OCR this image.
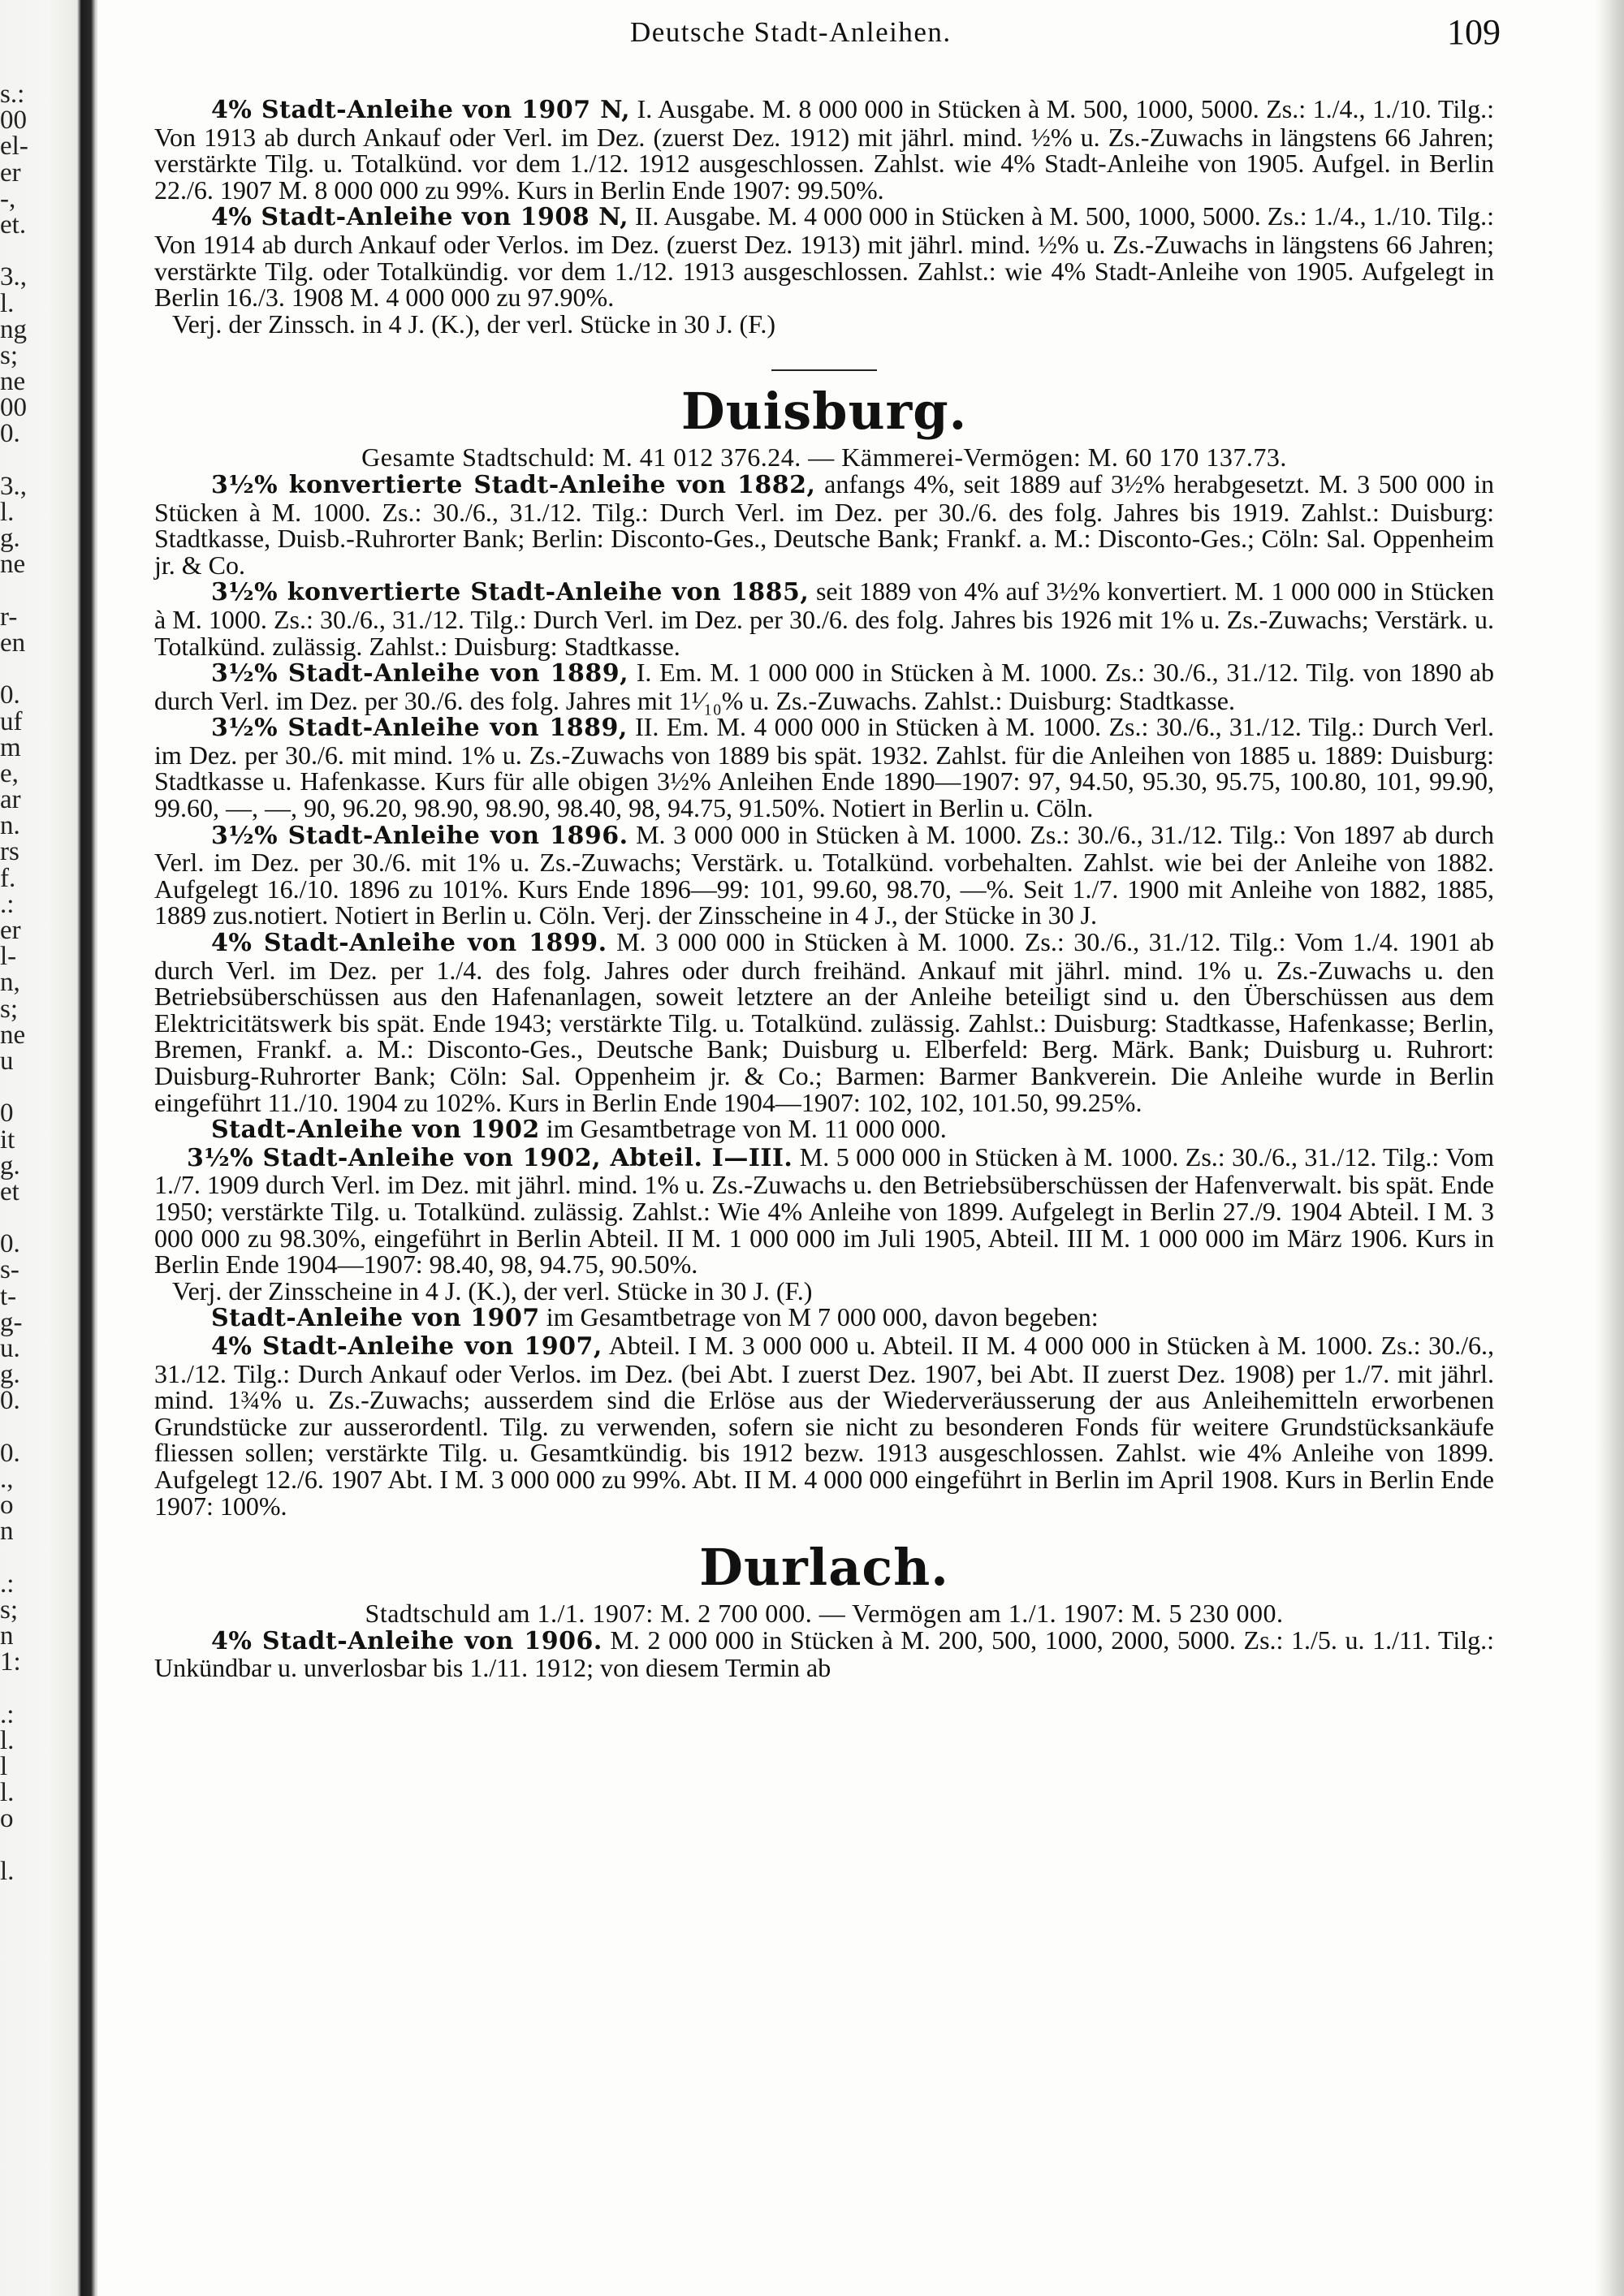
s.:
00
el-
er
-,
et.
3.,
l.
ng
s;
ne
00
0.
3.,
l.
g.
ne
r-
en
0.
uf
m
e,
ar
n.
rs
f.
.:
er
l-
n,
s;
ne
u
0
it
g.
et
0.
s-
t-
g-
u.
g.
0.
0.
.,
o
n
.:
s;
n
1:
.:
l.
l
l.
o
l.
Deutsche Stadt-Anleihen.	109

4% Stadt-Anleihe von 1907 N, I. Ausgabe. M. 8 000 000 in Stücken à M. 500, 1000, 5000. Zs.: 1./4., 1./10. Tilg.: Von 1913 ab durch Ankauf oder Verl. im Dez. (zuerst Dez. 1912) mit jährl. mind. ½% u. Zs.-Zuwachs in längstens 66 Jahren; verstärkte Tilg. u. Totalkünd. vor dem 1./12. 1912 ausgeschlossen. Zahlst. wie 4% Stadt-Anleihe von 1905. Aufgel. in Berlin 22./6. 1907 M. 8 000 000 zu 99%. Kurs in Berlin Ende 1907: 99.50%.

4% Stadt-Anleihe von 1908 N, II. Ausgabe. M. 4 000 000 in Stücken à M. 500, 1000, 5000. Zs.: 1./4., 1./10. Tilg.: Von 1914 ab durch Ankauf oder Verlos. im Dez. (zuerst Dez. 1913) mit jährl. mind. ½% u. Zs.-Zuwachs in längstens 66 Jahren; verstärkte Tilg. oder Totalkündig. vor dem 1./12. 1913 ausgeschlossen. Zahlst.: wie 4% Stadt-Anleihe von 1905. Aufgelegt in Berlin 16./3. 1908 M. 4 000 000 zu 97.90%.

Verj. der Zinssch. in 4 J. (K.), der verl. Stücke in 30 J. (F.)

Duisburg.

Gesamte Stadtschuld: M. 41 012 376.24. — Kämmerei-Vermögen: M. 60 170 137.73.

3½% konvertierte Stadt-Anleihe von 1882, anfangs 4%, seit 1889 auf 3½% herabgesetzt. M. 3 500 000 in Stücken à M. 1000. Zs.: 30./6., 31./12. Tilg.: Durch Verl. im Dez. per 30./6. des folg. Jahres bis 1919. Zahlst.: Duisburg: Stadtkasse, Duisb.-Ruhrorter Bank; Berlin: Disconto-Ges., Deutsche Bank; Frankf. a. M.: Disconto-Ges.; Cöln: Sal. Oppenheim jr. & Co.

3½% konvertierte Stadt-Anleihe von 1885, seit 1889 von 4% auf 3½% konvertiert. M. 1 000 000 in Stücken à M. 1000. Zs.: 30./6., 31./12. Tilg.: Durch Verl. im Dez. per 30./6. des folg. Jahres bis 1926 mit 1% u. Zs.-Zuwachs; Verstärk. u. Totalkünd. zulässig. Zahlst.: Duisburg: Stadtkasse.

3½% Stadt-Anleihe von 1889, I. Em. M. 1 000 000 in Stücken à M. 1000. Zs.: 30./6., 31./12. Tilg. von 1890 ab durch Verl. im Dez. per 30./6. des folg. Jahres mit 1¹⁄₁₀% u. Zs.-Zuwachs. Zahlst.: Duisburg: Stadtkasse.

3½% Stadt-Anleihe von 1889, II. Em. M. 4 000 000 in Stücken à M. 1000. Zs.: 30./6., 31./12. Tilg.: Durch Verl. im Dez. per 30./6. mit mind. 1% u. Zs.-Zuwachs von 1889 bis spät. 1932. Zahlst. für die Anleihen von 1885 u. 1889: Duisburg: Stadtkasse u. Hafenkasse. Kurs für alle obigen 3½% Anleihen Ende 1890—1907: 97, 94.50, 95.30, 95.75, 100.80, 101, 99.90, 99.60, —, —, 90, 96.20, 98.90, 98.90, 98.40, 98, 94.75, 91.50%. Notiert in Berlin u. Cöln.

3½% Stadt-Anleihe von 1896. M. 3 000 000 in Stücken à M. 1000. Zs.: 30./6., 31./12. Tilg.: Von 1897 ab durch Verl. im Dez. per 30./6. mit 1% u. Zs.-Zuwachs; Verstärk. u. Totalkünd. vorbehalten. Zahlst. wie bei der Anleihe von 1882. Aufgelegt 16./10. 1896 zu 101%. Kurs Ende 1896—99: 101, 99.60, 98.70, —%. Seit 1./7. 1900 mit Anleihe von 1882, 1885, 1889 zus.notiert. Notiert in Berlin u. Cöln. Verj. der Zinsscheine in 4 J., der Stücke in 30 J.

4% Stadt-Anleihe von 1899. M. 3 000 000 in Stücken à M. 1000. Zs.: 30./6., 31./12. Tilg.: Vom 1./4. 1901 ab durch Verl. im Dez. per 1./4. des folg. Jahres oder durch freihänd. Ankauf mit jährl. mind. 1% u. Zs.-Zuwachs u. den Betriebsüberschüssen aus den Hafenanlagen, soweit letztere an der Anleihe beteiligt sind u. den Überschüssen aus dem Elektricitätswerk bis spät. Ende 1943; verstärkte Tilg. u. Totalkünd. zulässig. Zahlst.: Duisburg: Stadtkasse, Hafenkasse; Berlin, Bremen, Frankf. a. M.: Disconto-Ges., Deutsche Bank; Duisburg u. Elberfeld: Berg. Märk. Bank; Duisburg u. Ruhrort: Duisburg-Ruhrorter Bank; Cöln: Sal. Oppenheim jr. & Co.; Barmen: Barmer Bankverein. Die Anleihe wurde in Berlin eingeführt 11./10. 1904 zu 102%. Kurs in Berlin Ende 1904—1907: 102, 102, 101.50, 99.25%.

Stadt-Anleihe von 1902 im Gesamtbetrage von M. 11 000 000.

3½% Stadt-Anleihe von 1902, Abteil. I—III. M. 5 000 000 in Stücken à M. 1000. Zs.: 30./6., 31./12. Tilg.: Vom 1./7. 1909 durch Verl. im Dez. mit jährl. mind. 1% u. Zs.-Zuwachs u. den Betriebsüberschüssen der Hafenverwalt. bis spät. Ende 1950; verstärkte Tilg. u. Totalkünd. zulässig. Zahlst.: Wie 4% Anleihe von 1899. Aufgelegt in Berlin 27./9. 1904 Abteil. I M. 3 000 000 zu 98.30%, eingeführt in Berlin Abteil. II M. 1 000 000 im Juli 1905, Abteil. III M. 1 000 000 im März 1906. Kurs in Berlin Ende 1904—1907: 98.40, 98, 94.75, 90.50%.

Verj. der Zinsscheine in 4 J. (K.), der verl. Stücke in 30 J. (F.)

Stadt-Anleihe von 1907 im Gesamtbetrage von M 7 000 000, davon begeben:

4% Stadt-Anleihe von 1907, Abteil. I M. 3 000 000 u. Abteil. II M. 4 000 000 in Stücken à M. 1000. Zs.: 30./6., 31./12. Tilg.: Durch Ankauf oder Verlos. im Dez. (bei Abt. I zuerst Dez. 1907, bei Abt. II zuerst Dez. 1908) per 1./7. mit jährl. mind. 1¾% u. Zs.-Zuwachs; ausserdem sind die Erlöse aus der Wiederveräusserung der aus Anleihemitteln erworbenen Grundstücke zur ausserordentl. Tilg. zu verwenden, sofern sie nicht zu besonderen Fonds für weitere Grundstücksankäufe fliessen sollen; verstärkte Tilg. u. Gesamtkündig. bis 1912 bezw. 1913 ausgeschlossen. Zahlst. wie 4% Anleihe von 1899. Aufgelegt 12./6. 1907 Abt. I M. 3 000 000 zu 99%. Abt. II M. 4 000 000 eingeführt in Berlin im April 1908. Kurs in Berlin Ende 1907: 100%.

Durlach.

Stadtschuld am 1./1. 1907: M. 2 700 000. — Vermögen am 1./1. 1907: M. 5 230 000.

4% Stadt-Anleihe von 1906. M. 2 000 000 in Stücken à M. 200, 500, 1000, 2000, 5000. Zs.: 1./5. u. 1./11. Tilg.: Unkündbar u. unverlosbar bis 1./11. 1912; von diesem Termin ab
